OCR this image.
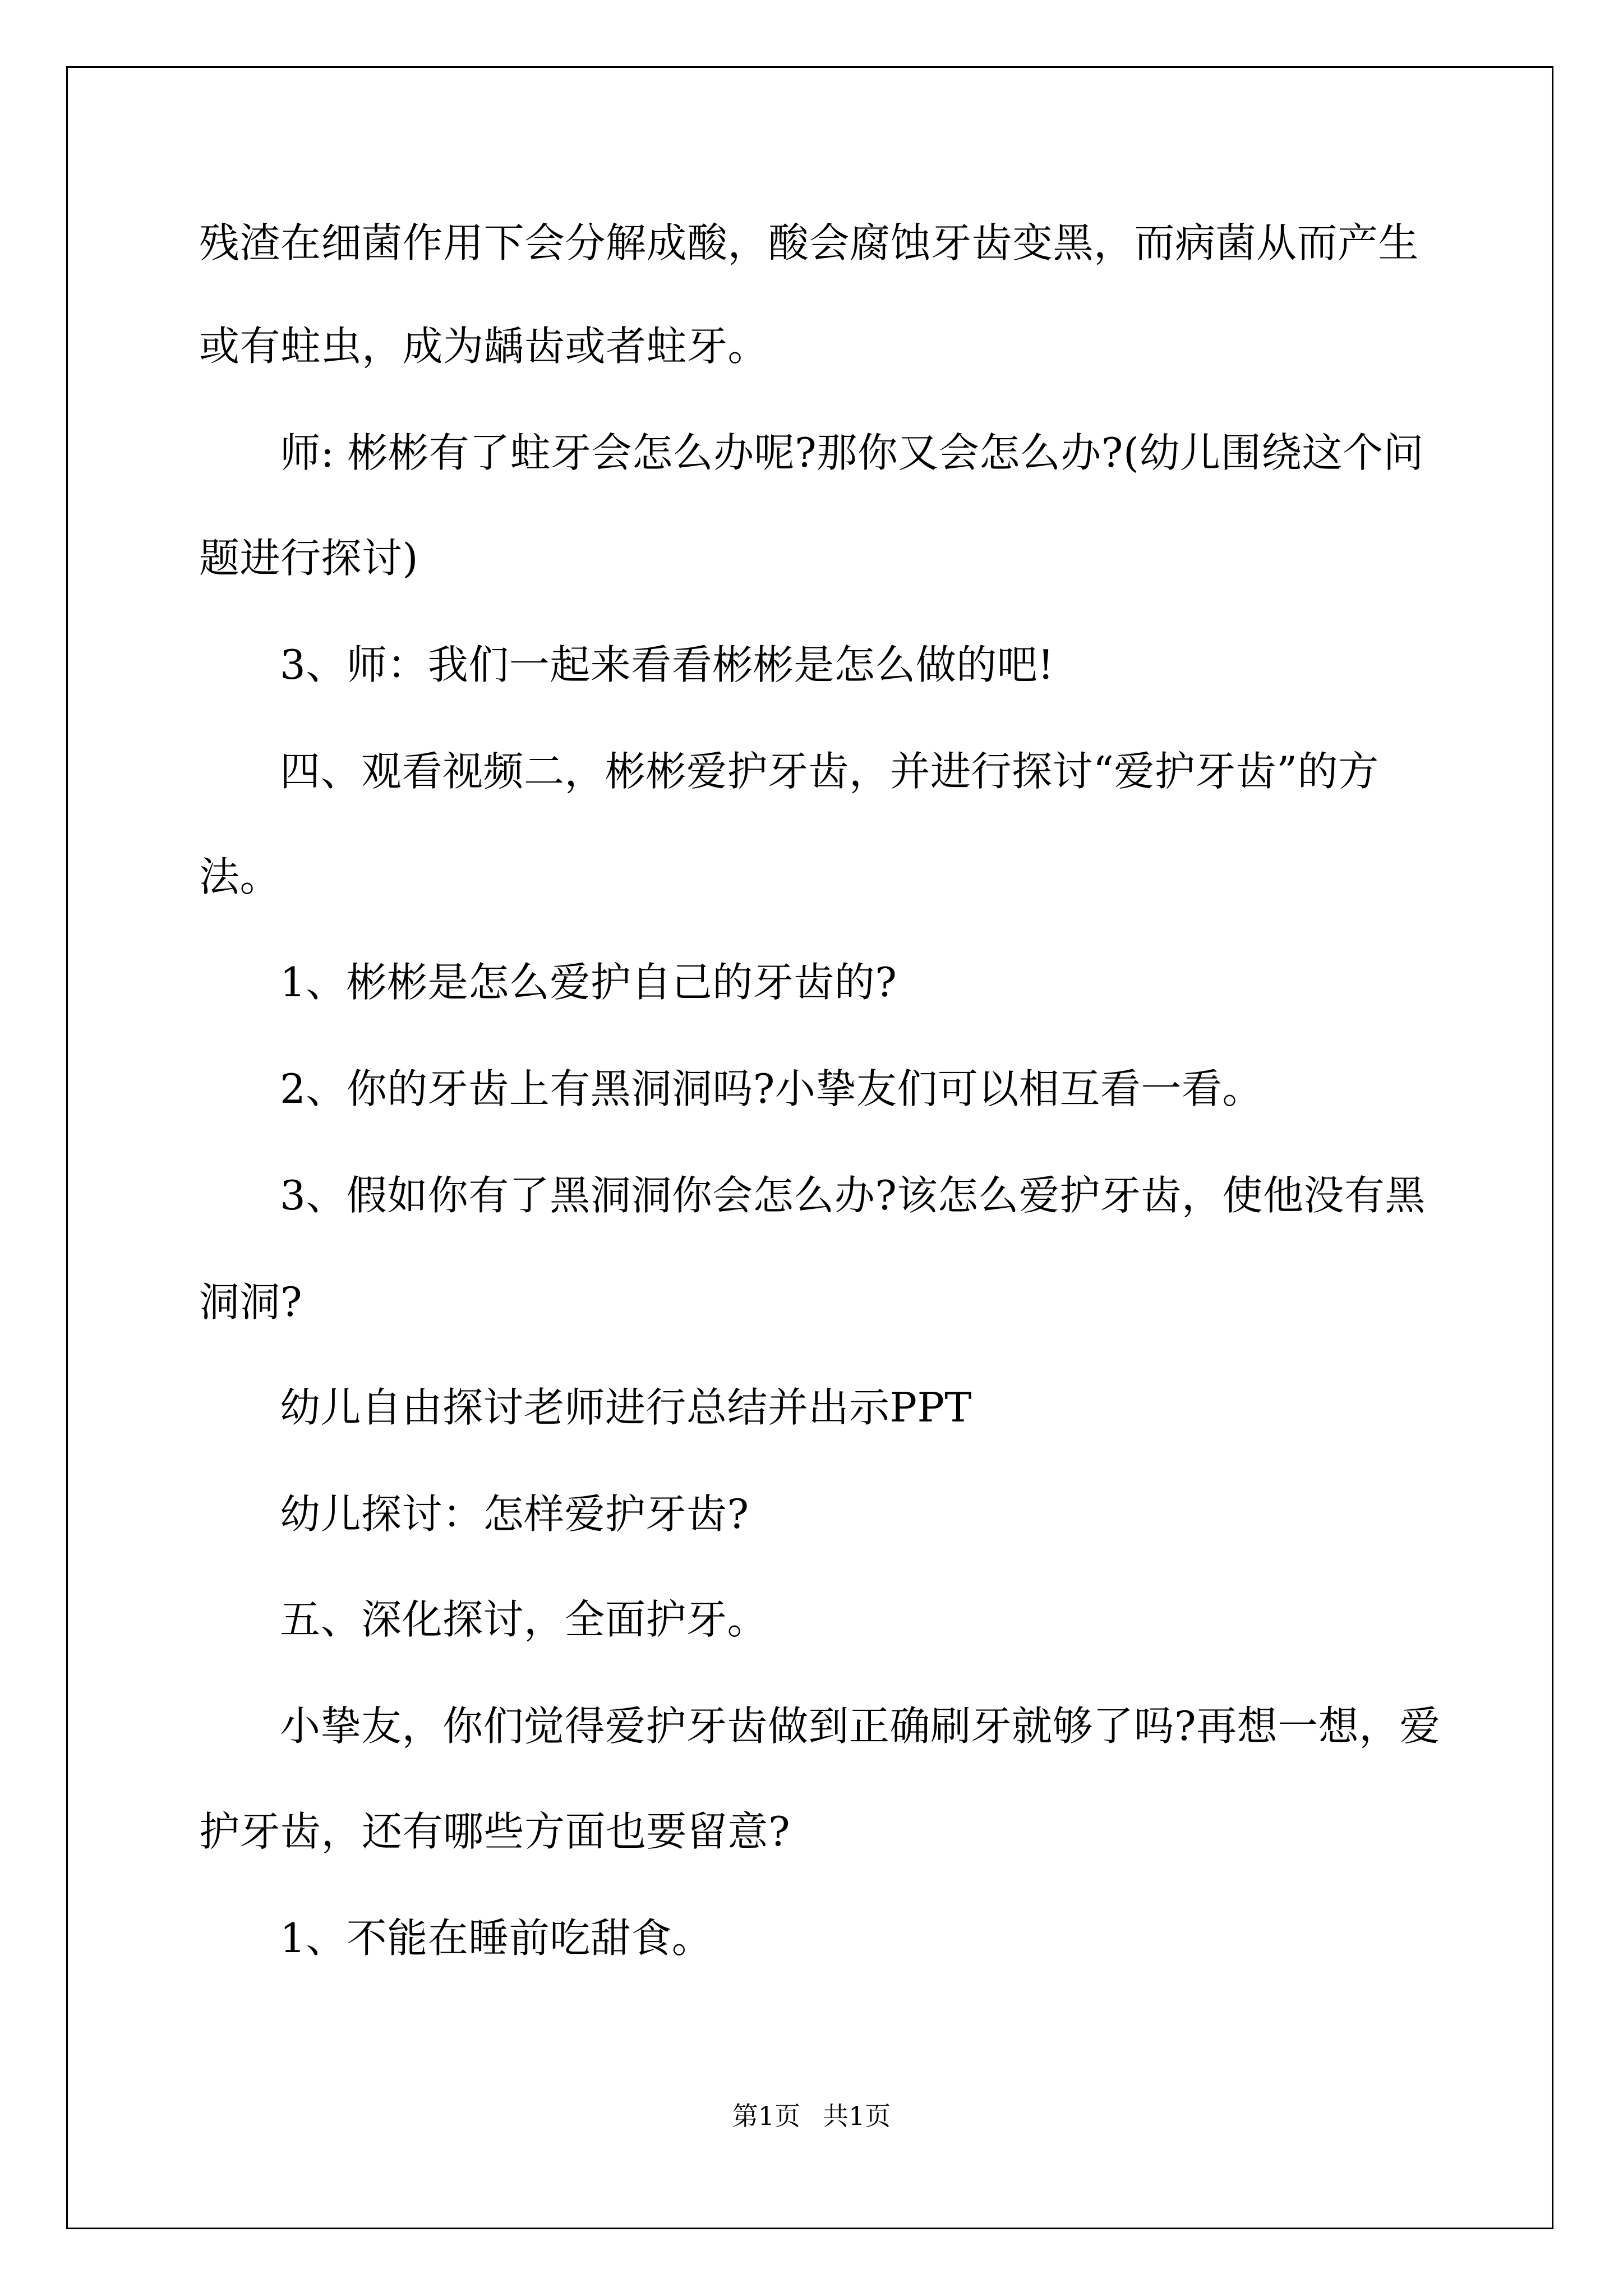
残渣在细菌作用下会分解成酸，酸会腐蚀牙齿变黑，而病菌从而产生
或有蛀虫，成为龋齿或者蛀牙。
师: 彬彬有了蛀牙会怎么办呢?那你又会怎么办?(幼儿围绕这个问
题进行探讨)
3、师：我们一起来看看彬彬是怎么做的吧!
四、观看视频二，彬彬爱护牙齿，并进行探讨“爱护牙齿”的方
法。
1、彬彬是怎么爱护自己的牙齿的?
2、你的牙齿上有黑洞洞吗?小挚友们可以相互看一看。
3、假如你有了黑洞洞你会怎么办?该怎么爱护牙齿，使他没有黑
洞洞?
幼儿自由探讨老师进行总结并出示PPT
幼儿探讨：怎样爱护牙齿?
五、深化探讨，全面护牙。
小挚友，你们觉得爱护牙齿做到正确刷牙就够了吗?再想一想，爱
护牙齿，还有哪些方面也要留意?
1、不能在睡前吃甜食。
第1页 共1页
